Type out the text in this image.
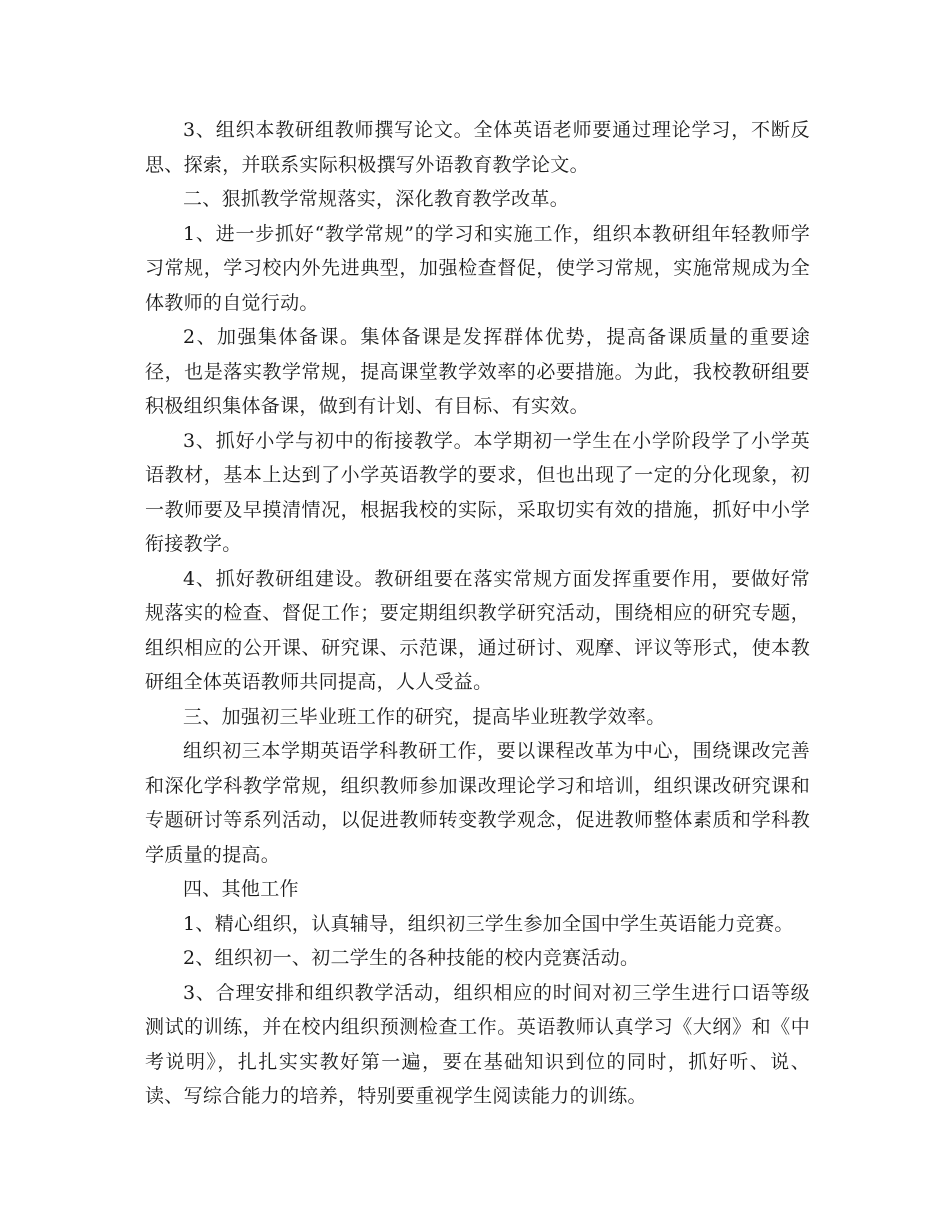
3、组织本教研组教师撰写论文。全体英语老师要通过理论学习，不断反思、探索，并联系实际积极撰写外语教育教学论文。

二、狠抓教学常规落实，深化教育教学改革。

1、进一步抓好“教学常规”的学习和实施工作，组织本教研组年轻教师学习常规，学习校内外先进典型，加强检查督促，使学习常规，实施常规成为全体教师的自觉行动。

2、加强集体备课。集体备课是发挥群体优势，提高备课质量的重要途径，也是落实教学常规，提高课堂教学效率的必要措施。为此，我校教研组要积极组织集体备课，做到有计划、有目标、有实效。

3、抓好小学与初中的衔接教学。本学期初一学生在小学阶段学了小学英语教材，基本上达到了小学英语教学的要求，但也出现了一定的分化现象，初一教师要及早摸清情况，根据我校的实际，采取切实有效的措施，抓好中小学衔接教学。

4、抓好教研组建设。教研组要在落实常规方面发挥重要作用，要做好常规落实的检查、督促工作；要定期组织教学研究活动，围绕相应的研究专题，组织相应的公开课、研究课、示范课，通过研讨、观摩、评议等形式，使本教研组全体英语教师共同提高，人人受益。

三、加强初三毕业班工作的研究，提高毕业班教学效率。

组织初三本学期英语学科教研工作，要以课程改革为中心，围绕课改完善和深化学科教学常规，组织教师参加课改理论学习和培训，组织课改研究课和专题研讨等系列活动，以促进教师转变教学观念，促进教师整体素质和学科教学质量的提高。

四、其他工作

1、精心组织，认真辅导，组织初三学生参加全国中学生英语能力竞赛。

2、组织初一、初二学生的各种技能的校内竞赛活动。

3、合理安排和组织教学活动，组织相应的时间对初三学生进行口语等级测试的训练，并在校内组织预测检查工作。英语教师认真学习《大纲》和《中考说明》，扎扎实实教好第一遍，要在基础知识到位的同时，抓好听、说、读、写综合能力的培养，特别要重视学生阅读能力的训练。
